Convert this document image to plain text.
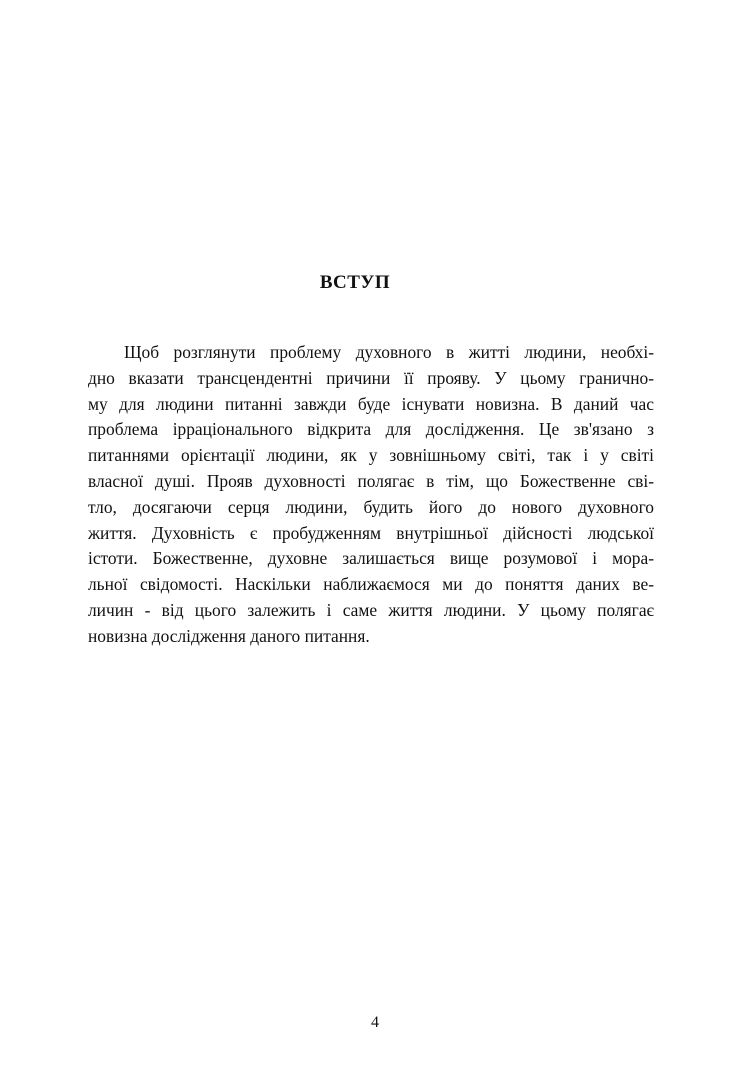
ВСТУП
Щоб розглянути проблему духовного в житті людини, необхі-
дно вказати трансцендентні причини її прояву. У цьому гранично-
му для людини питанні завжди буде існувати новизна. В даний час
проблема ірраціонального відкрита для дослідження. Це зв'язано з
питаннями орієнтації людини, як у зовнішньому світі, так і у світі
власної душі. Прояв духовності полягає в тім, що Божественне сві-
тло, досягаючи серця людини, будить його до нового духовного
життя. Духовність є пробудженням внутрішньої дійсності людської
істоти. Божественне, духовне залишається вище розумової і мора-
льної свідомості. Наскільки наближаємося ми до поняття даних ве-
личин - від цього залежить і саме життя людини. У цьому полягає
новизна дослідження даного питання.
4
